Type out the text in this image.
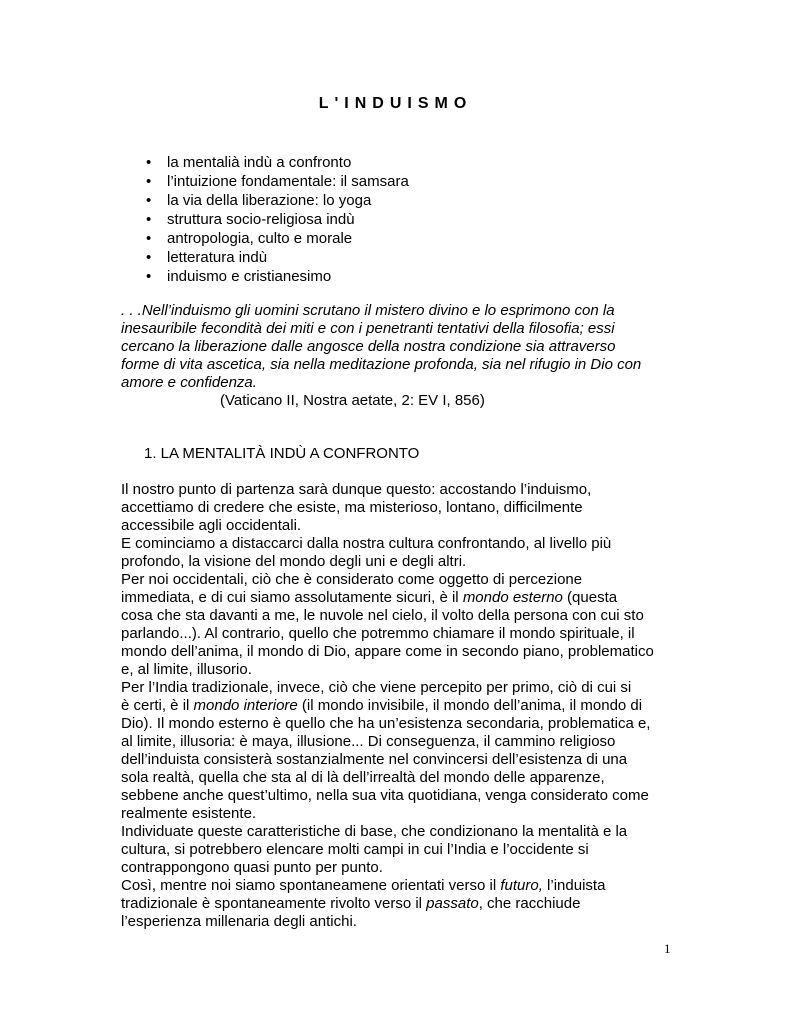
L'INDUISMO
• la mentalià indù a confronto
• l’intuizione fondamentale: il samsara
• la via della liberazione: lo yoga
• struttura socio-religiosa indù
• antropologia, culto e morale
• letteratura indù
• induismo e cristianesimo
. . .Nell’induismo gli uomini scrutano il mistero divino e lo esprimono con la
inesauribile fecondità dei miti e con i penetranti tentativi della filosofia; essi
cercano la liberazione dalle angosce della nostra condizione sia attraverso
forme di vita ascetica, sia nella meditazione profonda, sia nel rifugio in Dio con
amore e confidenza.
(Vaticano II, Nostra aetate, 2: EV I, 856)
1. LA MENTALITÀ INDÙ A CONFRONTO
Il nostro punto di partenza sarà dunque questo: accostando l’induismo,
accettiamo di credere che esiste, ma misterioso, lontano, difficilmente
accessibile agli occidentali.
E cominciamo a distaccarci dalla nostra cultura confrontando, al livello più
profondo, la visione del mondo degli uni e degli altri.
Per noi occidentali, ciò che è considerato come oggetto di percezione
immediata, e di cui siamo assolutamente sicuri, è il mondo esterno (questa
cosa che sta davanti a me, le nuvole nel cielo, il volto della persona con cui sto
parlando...). Al contrario, quello che potremmo chiamare il mondo spirituale, il
mondo dell’anima, il mondo di Dio, appare come in secondo piano, problematico
e, al limite, illusorio.
Per l’India tradizionale, invece, ciò che viene percepito per primo, ciò di cui si
è certi, è il mondo interiore (il mondo invisibile, il mondo dell’anima, il mondo di
Dio). Il mondo esterno è quello che ha un’esistenza secondaria, problematica e,
al limite, illusoria: è maya, illusione... Di conseguenza, il cammino religioso
dell’induista consisterà sostanzialmente nel convincersi dell’esistenza di una
sola realtà, quella che sta al di là dell’irrealtà del mondo delle apparenze,
sebbene anche quest’ultimo, nella sua vita quotidiana, venga considerato come
realmente esistente.
Individuate queste caratteristiche di base, che condizionano la mentalità e la
cultura, si potrebbero elencare molti campi in cui l’India e l’occidente si
contrappongono quasi punto per punto.
Così, mentre noi siamo spontaneamene orientati verso il futuro, l’induista
tradizionale è spontaneamente rivolto verso il passato, che racchiude
l’esperienza millenaria degli antichi.
1
